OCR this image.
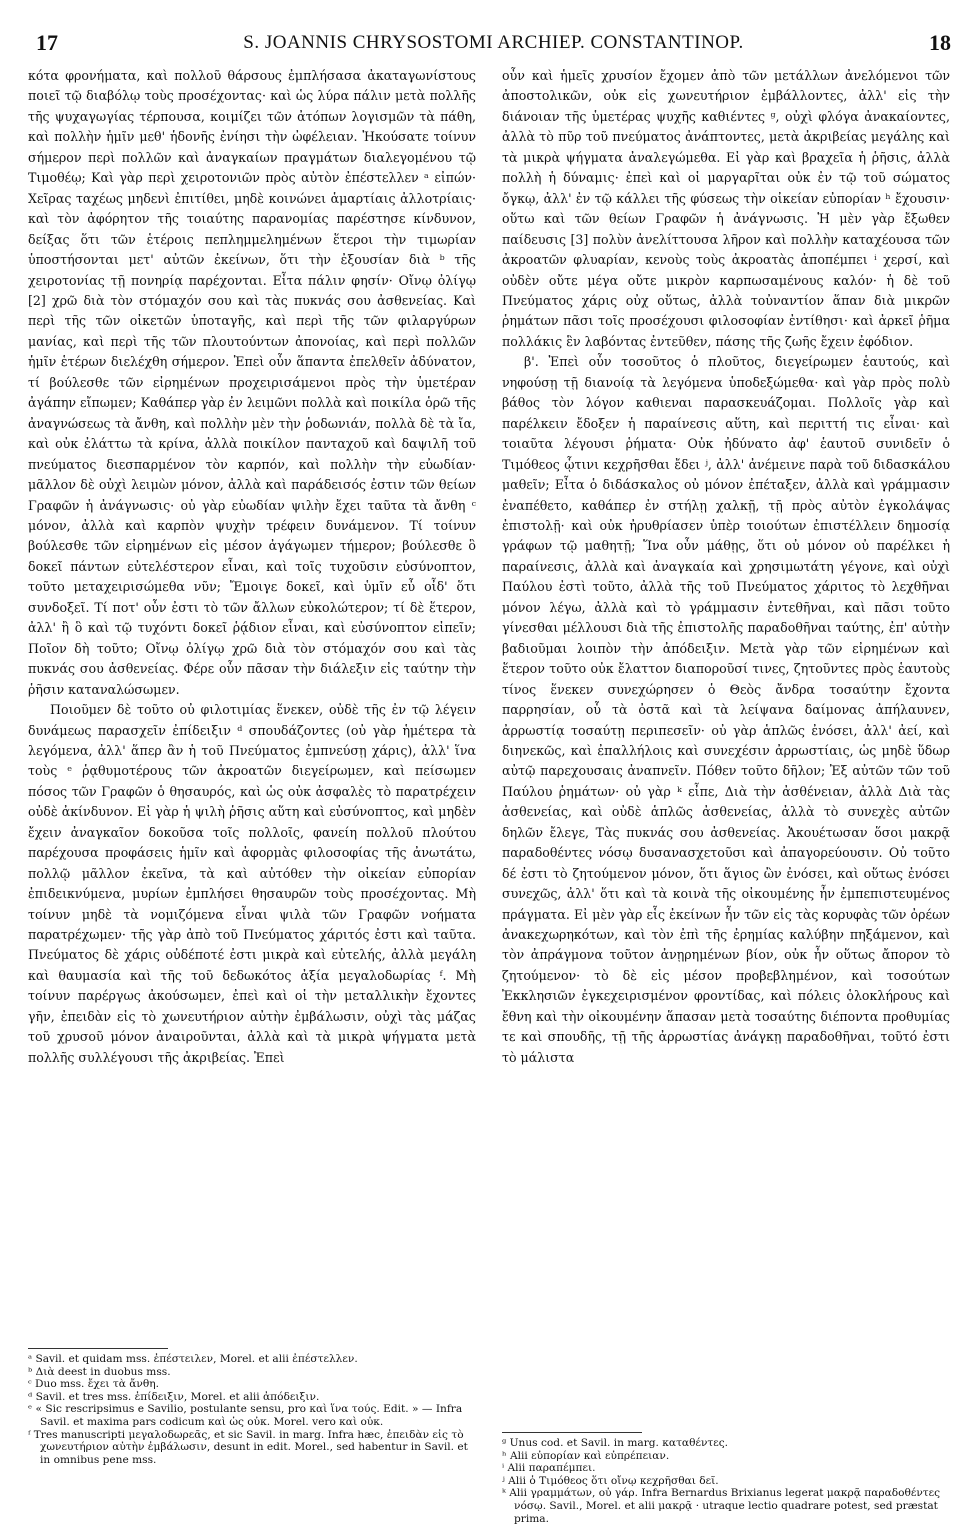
17	S. JOANNIS CHRYSOSTOMI ARCHIEP. CONSTANTINOP.	18

κότα φρονήματα, καὶ πολλοῦ θάρσους ἐμπλήσασα ἀκαταγωνίστους ποιεῖ τῷ διαβόλῳ τοὺς προσέχοντας· καὶ ὡς λύρα πάλιν μετὰ πολλῆς τῆς ψυχαγωγίας τέρπουσα, κοιμίζει τῶν ἀτόπων λογισμῶν τὰ πάθη, καὶ πολλὴν ἡμῖν μεθ' ἡδονῆς ἐνίησι τὴν ὠφέλειαν. Ἠκούσατε τοίνυν σήμερον περὶ πολλῶν καὶ ἀναγκαίων πραγμάτων διαλεγομένου τῷ Τιμοθέῳ; Καὶ γὰρ περὶ χειροτονιῶν πρὸς αὐτὸν ἐπέστελλεν ᵃ εἰπών· Χεῖρας ταχέως μηδενὶ ἐπιτίθει, μηδὲ κοινώνει ἁμαρτίαις ἀλλοτρίαις· καὶ τὸν ἀφόρητον τῆς τοιαύτης παρανομίας παρέστησε κίνδυνον, δείξας ὅτι τῶν ἑτέροις πεπλημμελημένων ἕτεροι τὴν τιμωρίαν ὑποστήσονται μετ' αὐτῶν ἐκείνων, ὅτι τὴν ἐξουσίαν διὰ ᵇ τῆς χειροτονίας τῇ πονηρίᾳ παρέχονται. Εἶτα πάλιν φησίν· Οἴνῳ ὀλίγῳ [2] χρῶ διὰ τὸν στόμαχόν σου καὶ τὰς πυκνάς σου ἀσθενείας. Καὶ περὶ τῆς τῶν οἰκετῶν ὑποταγῆς, καὶ περὶ τῆς τῶν φιλαργύρων μανίας, καὶ περὶ τῆς τῶν πλουτούντων ἀπονοίας, καὶ περὶ πολλῶν ἡμῖν ἑτέρων διελέχθη σήμερον. Ἐπεὶ οὖν ἅπαντα ἐπελθεῖν ἀδύνατον, τί βούλεσθε τῶν εἰρημένων προχειρισάμενοι πρὸς τὴν ὑμετέραν ἀγάπην εἴπωμεν; Καθάπερ γὰρ ἐν λειμῶνι πολλὰ καὶ ποικίλα ὁρῶ τῆς ἀναγνώσεως τὰ ἄνθη, καὶ πολλὴν μὲν τὴν ῥοδωνιάν, πολλὰ δὲ τὰ ἴα, καὶ οὐκ ἐλάττω τὰ κρίνα, ἀλλὰ ποικίλον πανταχοῦ καὶ δαψιλῆ τοῦ πνεύματος διεσπαρμένον τὸν καρπόν, καὶ πολλὴν τὴν εὐωδίαν· μᾶλλον δὲ οὐχὶ λειμὼν μόνον, ἀλλὰ καὶ παράδεισός ἐστιν τῶν θείων Γραφῶν ἡ ἀνάγνωσις· οὐ γὰρ εὐωδίαν ψιλὴν ἔχει ταῦτα τὰ ἄνθη ᶜ μόνον, ἀλλὰ καὶ καρπὸν ψυχὴν τρέφειν δυνάμενον. Τί τοίνυν βούλεσθε τῶν εἰρημένων εἰς μέσον ἀγάγωμεν τήμερον; βούλεσθε ὃ δοκεῖ πάντων εὐτελέστερον εἶναι, καὶ τοῖς τυχοῦσιν εὐσύνοπτον, τοῦτο μεταχειρισώμεθα νῦν; Ἔμοιγε δοκεῖ, καὶ ὑμῖν εὖ οἶδ' ὅτι συνδοξεῖ. Τί ποτ' οὖν ἐστι τὸ τῶν ἄλλων εὐκολώτερον; τί δὲ ἕτερον, ἀλλ' ἢ ὃ καὶ τῷ τυχόντι δοκεῖ ῥᾴδιον εἶναι, καὶ εὐσύνοπτον εἰπεῖν; Ποῖον δὴ τοῦτο; Οἴνῳ ὀλίγῳ χρῶ διὰ τὸν στόμαχόν σου καὶ τὰς πυκνάς σου ἀσθενείας. Φέρε οὖν πᾶσαν τὴν διάλεξιν εἰς ταύτην τὴν ῥῆσιν καταναλώσωμεν.

Ποιοῦμεν δὲ τοῦτο οὐ φιλοτιμίας ἕνεκεν, οὐδὲ τῆς ἐν τῷ λέγειν δυνάμεως παρασχεῖν ἐπίδειξιν ᵈ σπουδάζοντες (οὐ γὰρ ἡμέτερα τὰ λεγόμενα, ἀλλ' ἅπερ ἂν ἡ τοῦ Πνεύματος ἐμπνεύσῃ χάρις), ἀλλ' ἵνα τοὺς ᵉ ῥᾳθυμοτέρους τῶν ἀκροατῶν διεγείρωμεν, καὶ πείσωμεν πόσος τῶν Γραφῶν ὁ θησαυρός, καὶ ὡς οὐκ ἀσφαλὲς τὸ παρατρέχειν οὐδὲ ἀκίνδυνον. Εἰ γὰρ ἡ ψιλὴ ῥῆσις αὕτη καὶ εὐσύνοπτος, καὶ μηδὲν ἔχειν ἀναγκαῖον δοκοῦσα τοῖς πολλοῖς, φανείη πολλοῦ πλούτου παρέχουσα προφάσεις ἡμῖν καὶ ἀφορμὰς φιλοσοφίας τῆς ἀνωτάτω, πολλῷ μᾶλλον ἐκεῖνα, τὰ καὶ αὐτόθεν τὴν οἰκείαν εὐπορίαν ἐπιδεικνύμενα, μυρίων ἐμπλήσει θησαυρῶν τοὺς προσέχοντας. Μὴ τοίνυν μηδὲ τὰ νομιζόμενα εἶναι ψιλὰ τῶν Γραφῶν νοήματα παρατρέχωμεν· τῆς γὰρ ἀπὸ τοῦ Πνεύματος χάριτός ἐστι καὶ ταῦτα. Πνεύματος δὲ χάρις οὐδέποτέ ἐστι μικρὰ καὶ εὐτελής, ἀλλὰ μεγάλη καὶ θαυμασία καὶ τῆς τοῦ δεδωκότος ἀξία μεγαλοδωρίας ᶠ. Μὴ τοίνυν παρέργως ἀκούσωμεν, ἐπεὶ καὶ οἱ τὴν μεταλλικὴν ἔχοντες γῆν, ἐπειδὰν εἰς τὸ χωνευτήριον αὐτὴν ἐμβάλωσιν, οὐχὶ τὰς μάζας τοῦ χρυσοῦ μόνον ἀναιροῦνται, ἀλλὰ καὶ τὰ μικρὰ ψήγματα μετὰ πολλῆς συλλέγουσι τῆς ἀκριβείας. Ἐπεὶ

ᵃ Savil. et quidam mss. ἐπέστειλεν, Morel. et alii ἐπέστελλεν.

ᵇ Διὰ deest in duobus mss.

ᶜ Duo mss. ἔχει τὰ ἄνθη.

ᵈ Savil. et tres mss. ἐπίδειξιν, Morel. et alii ἀπόδειξιν.

ᵉ « Sic rescripsimus e Savilio, postulante sensu, pro καὶ ἵνα τούς. Edit. » — Infra Savil. et maxima pars codicum καὶ ὡς οὐκ. Morel. vero καὶ οὐκ.

ᶠ Tres manuscripti μεγαλοδωρεᾶς, et sic Savil. in marg. Infra hæc, ἐπειδὰν εἰς τὸ χωνευτήριον αὐτὴν ἐμβάλωσιν, desunt in edit. Morel., sed habentur in Savil. et in omnibus pene mss.

οὖν καὶ ἡμεῖς χρυσίον ἔχομεν ἀπὸ τῶν μετάλλων ἀνελόμενοι τῶν ἀποστολικῶν, οὐκ εἰς χωνευτήριον ἐμβάλλοντες, ἀλλ' εἰς τὴν διάνοιαν τῆς ὑμετέρας ψυχῆς καθιέντες ᵍ, οὐχὶ φλόγα ἀνακαίοντες, ἀλλὰ τὸ πῦρ τοῦ πνεύματος ἀνάπτοντες, μετὰ ἀκριβείας μεγάλης καὶ τὰ μικρὰ ψήγματα ἀναλεγώμεθα. Εἰ γὰρ καὶ βραχεῖα ἡ ῥῆσις, ἀλλὰ πολλὴ ἡ δύναμις· ἐπεὶ καὶ οἱ μαργαρῖται οὐκ ἐν τῷ τοῦ σώματος ὄγκῳ, ἀλλ' ἐν τῷ κάλλει τῆς φύσεως τὴν οἰκείαν εὐπορίαν ʰ ἔχουσιν· οὕτω καὶ τῶν θείων Γραφῶν ἡ ἀνάγνωσις. Ἡ μὲν γὰρ ἔξωθεν παίδευσις [3] πολὺν ἀνελίττουσα λῆρον καὶ πολλὴν καταχέουσα τῶν ἀκροατῶν φλυαρίαν, κενοὺς τοὺς ἀκροατὰς ἀποπέμπει ⁱ χερσί, καὶ οὐδὲν οὔτε μέγα οὔτε μικρὸν καρπωσαμένους καλόν· ἡ δὲ τοῦ Πνεύματος χάρις οὐχ οὕτως, ἀλλὰ τοὐναντίον ἅπαν διὰ μικρῶν ῥημάτων πᾶσι τοῖς προσέχουσι φιλοσοφίαν ἐντίθησι· καὶ ἀρκεῖ ῥῆμα πολλάκις ἓν λαβόντας ἐντεῦθεν, πάσης τῆς ζωῆς ἔχειν ἐφόδιον.

β'. Ἐπεὶ οὖν τοσοῦτος ὁ πλοῦτος, διεγείρωμεν ἑαυτούς, καὶ νηφούσῃ τῇ διανοίᾳ τὰ λεγόμενα ὑποδεξώμεθα· καὶ γὰρ πρὸς πολὺ βάθος τὸν λόγον καθιεναι παρασκευάζομαι. Πολλοῖς γὰρ καὶ παρέλκειν ἔδοξεν ἡ παραίνεσις αὕτη, καὶ περιττή τις εἶναι· καὶ τοιαῦτα λέγουσι ῥήματα· Οὐκ ἠδύνατο ἀφ' ἑαυτοῦ συνιδεῖν ὁ Τιμόθεος ᾧτινι κεχρῆσθαι ἔδει ʲ, ἀλλ' ἀνέμεινε παρὰ τοῦ διδασκάλου μαθεῖν; Εἶτα ὁ διδάσκαλος οὐ μόνον ἐπέταξεν, ἀλλὰ καὶ γράμμασιν ἐναπέθετο, καθάπερ ἐν στήλῃ χαλκῇ, τῇ πρὸς αὐτὸν ἐγκολάψας ἐπιστολῇ· καὶ οὐκ ἠρυθρίασεν ὑπὲρ τοιούτων ἐπιστέλλειν δημοσίᾳ γράφων τῷ μαθητῇ; Ἵνα οὖν μάθῃς, ὅτι οὐ μόνον οὐ παρέλκει ἡ παραίνεσις, ἀλλὰ καὶ ἀναγκαία καὶ χρησιμωτάτη γέγονε, καὶ οὐχὶ Παύλου ἐστὶ τοῦτο, ἀλλὰ τῆς τοῦ Πνεύματος χάριτος τὸ λεχθῆναι μόνον λέγω, ἀλλὰ καὶ τὸ γράμμασιν ἐντεθῆναι, καὶ πᾶσι τοῦτο γίνεσθαι μέλλουσι διὰ τῆς ἐπιστολῆς παραδοθῆναι ταύτης, ἐπ' αὐτὴν βαδιοῦμαι λοιπὸν τὴν ἀπόδειξιν. Μετὰ γὰρ τῶν εἰρημένων καὶ ἕτερον τοῦτο οὐκ ἔλαττον διαποροῦσί τινες, ζητοῦντες πρὸς ἑαυτοὺς τίνος ἕνεκεν συνεχώρησεν ὁ Θεὸς ἄνδρα τοσαύτην ἔχοντα παρρησίαν, οὗ τὰ ὀστᾶ καὶ τὰ λείψανα δαίμονας ἀπήλαυνεν, ἀρρωστίᾳ τοσαύτῃ περιπεσεῖν· οὐ γὰρ ἁπλῶς ἐνόσει, ἀλλ' ἀεί, καὶ διηνεκῶς, καὶ ἐπαλλήλοις καὶ συνεχέσιν ἀρρωστίαις, ὡς μηδὲ ὕδωρ αὐτῷ παρεχουσαις ἀναπνεῖν. Πόθεν τοῦτο δῆλον; Ἐξ αὐτῶν τῶν τοῦ Παύλου ῥημάτων· οὐ γὰρ ᵏ εἶπε, Διὰ τὴν ἀσθένειαν, ἀλλὰ Διὰ τὰς ἀσθενείας, καὶ οὐδὲ ἁπλῶς ἀσθενείας, ἀλλὰ τὸ συνεχὲς αὐτῶν δηλῶν ἔλεγε, Τὰς πυκνάς σου ἀσθενείας. Ἀκουέτωσαν ὅσοι μακρᾷ παραδοθέντες νόσῳ δυσανασχετοῦσι καὶ ἀπαγορεύουσιν. Οὐ τοῦτο δέ ἐστι τὸ ζητούμενον μόνον, ὅτι ἅγιος ὢν ἐνόσει, καὶ οὕτως ἐνόσει συνεχῶς, ἀλλ' ὅτι καὶ τὰ κοινὰ τῆς οἰκουμένης ἦν ἐμπεπιστευμένος πράγματα. Εἰ μὲν γὰρ εἷς ἐκείνων ἦν τῶν εἰς τὰς κορυφὰς τῶν ὀρέων ἀνακεχωρηκότων, καὶ τὸν ἐπὶ τῆς ἐρημίας καλύβην πηξάμενον, καὶ τὸν ἀπράγμονα τοῦτον ἀνῃρημένων βίον, οὐκ ἦν οὕτως ἄπορον τὸ ζητούμενον· τὸ δὲ εἰς μέσον προβεβλημένον, καὶ τοσούτων Ἐκκλησιῶν ἐγκεχειρισμένον φροντίδας, καὶ πόλεις ὁλοκλήρους καὶ ἔθνη καὶ τὴν οἰκουμένην ἅπασαν μετὰ τοσαύτης διέποντα προθυμίας τε καὶ σπουδῆς, τῇ τῆς ἀρρωστίας ἀνάγκῃ παραδοθῆναι, τοῦτό ἐστι τὸ μάλιστα

ᵍ Unus cod. et Savil. in marg. καταθέντες.

ʰ Alii εὐπορίαν καὶ εὐπρέπειαν.

ⁱ Alii παραπέμπει.

ʲ Alii ὁ Τιμόθεος ὅτι οἴνῳ κεχρῆσθαι δεῖ.

ᵏ Alii γραμμάτων, οὐ γάρ. Infra Bernardus Brixianus legerat μακρᾷ παραδοθέντες νόσῳ. Savil., Morel. et alii μακρᾷ · utraque lectio quadrare potest, sed præstat prima.
